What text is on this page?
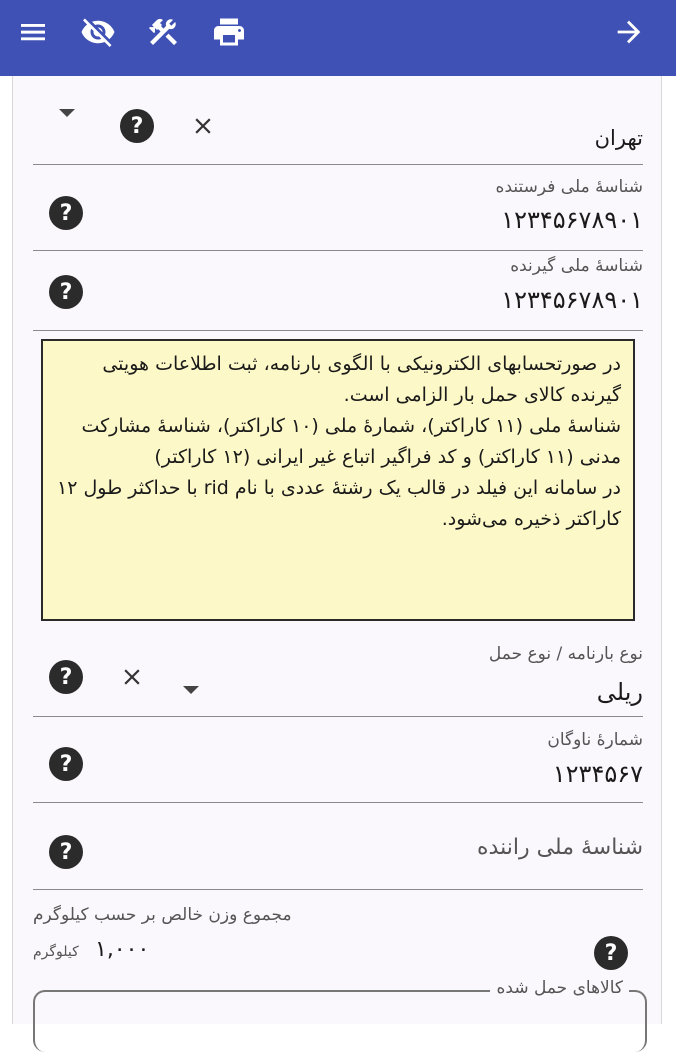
?	تهران
?
شناسهٔ ملی فرستنده
۱۲۳۴۵۶۷۸۹۰۱
?
شناسهٔ ملی گیرنده
۱۲۳۴۵۶۷۸۹۰۱

در صورتحسابهای الکترونیکی با الگوی بارنامه، ثبت اطلاعات هویتی گیرنده کالای حمل بار الزامی است.

شناسهٔ ملی (۱۱ کاراکتر)، شمارهٔ ملی (۱۰ کاراکتر)، شناسهٔ مشارکت مدنی (۱۱ کاراکتر) و کد فراگیر اتباع غیر ایرانی (۱۲ کاراکتر)

در سامانه این فیلد در قالب یک رشتهٔ عددی با نام rid با حداکثر طول ۱۲ کاراکتر ذخیره می‌شود.

?
نوع بارنامه / نوع حمل
ریلی
?
شمارهٔ ناوگان
۱۲۳۴۵۶۷
?	شناسهٔ ملی راننده
مجموع وزن خالص بر حسب کیلوگرم
کیلوگرم ۱,۰۰۰	?
کالاهای حمل شده
